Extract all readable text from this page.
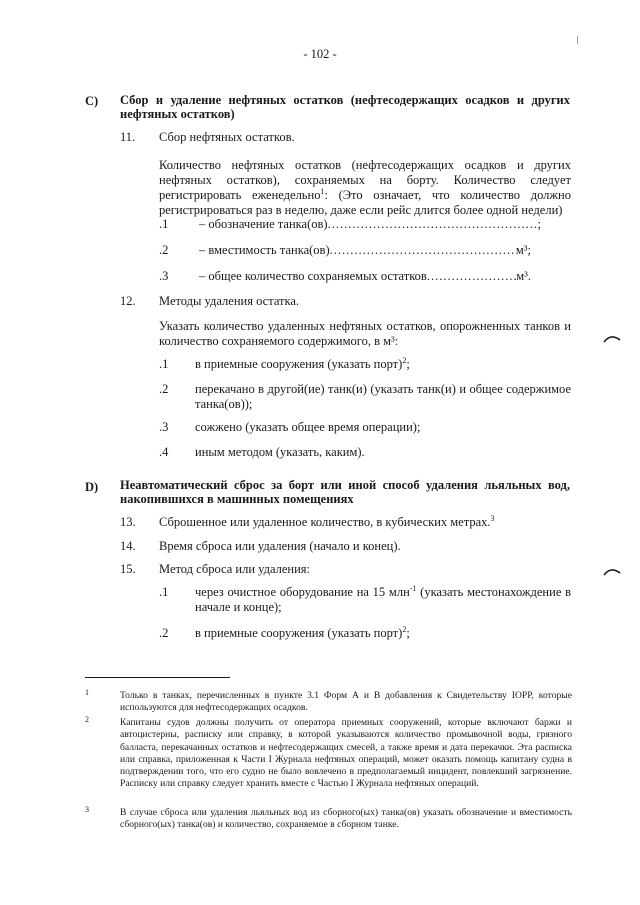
- 102 -
C) Сбор и удаление нефтяных остатков (нефтесодержащих осадков и других нефтяных остатков)
11. Сбор нефтяных остатков.
Количество нефтяных остатков (нефтесодержащих осадков и других нефтяных остатков), сохраняемых на борту. Количество следует регистрировать еженедельно$^1$: (Это означает, что количество должно регистрироваться раз в неделю, даже если рейс длится более одной недели)
.1 – обозначение танка(ов) .....	;
.2 – вместимость танка(ов) .....	м³;
.3 – общее количество сохраняемых остатков .....	м³.
12. Методы удаления остатка.
Указать количество удаленных нефтяных остатков, опорожненных танков и количество сохраняемого содержимого, в м³:
.1 в приемные сооружения (указать порт)$^2$;
.2 перекачано в другой(ие) танк(и) (указать танк(и) и общее содержимое танка(ов));
.3 сожжено (указать общее время операции);
.4 иным методом (указать, каким).
D) Неавтоматический сброс за борт или иной способ удаления льяльных вод, накопившихся в машинных помещениях
13. Сброшенное или удаленное количество, в кубических метрах.$^3$
14. Время сброса или удаления (начало и конец).
15. Метод сброса или удаления:
.1 через очистное оборудование на 15 млн$^{-1}$ (указать местонахождение в начале и конце);
.2 в приемные сооружения (указать порт)$^2$;
1	Только в танках, перечисленных в пункте 3.1 Форм А и В добавления к Свидетельству IOPP, которые используются для нефтесодержащих осадков.
2	Капитаны судов должны получить от оператора приемных сооружений, которые включают баржи и автоцистерны, расписку или справку, в которой указываются количество промывочной воды, грязного балласта, перекачанных остатков и нефтесодержащих смесей, а также время и дата перекачки. Эта расписка или справка, приложенная к Части I Журнала нефтяных операций, может оказать помощь капитану судна в подтверждении того, что его судно не было вовлечено в предполагаемый инцидент, повлекший загрязнение. Расписку или справку следует хранить вместе с Частью I Журнала нефтяных операций.
3	В случае сброса или удаления льяльных вод из сборного(ых) танка(ов) указать обозначение и вместимость сборного(ых) танка(ов) и количество, сохраняемое в сборном танке.
